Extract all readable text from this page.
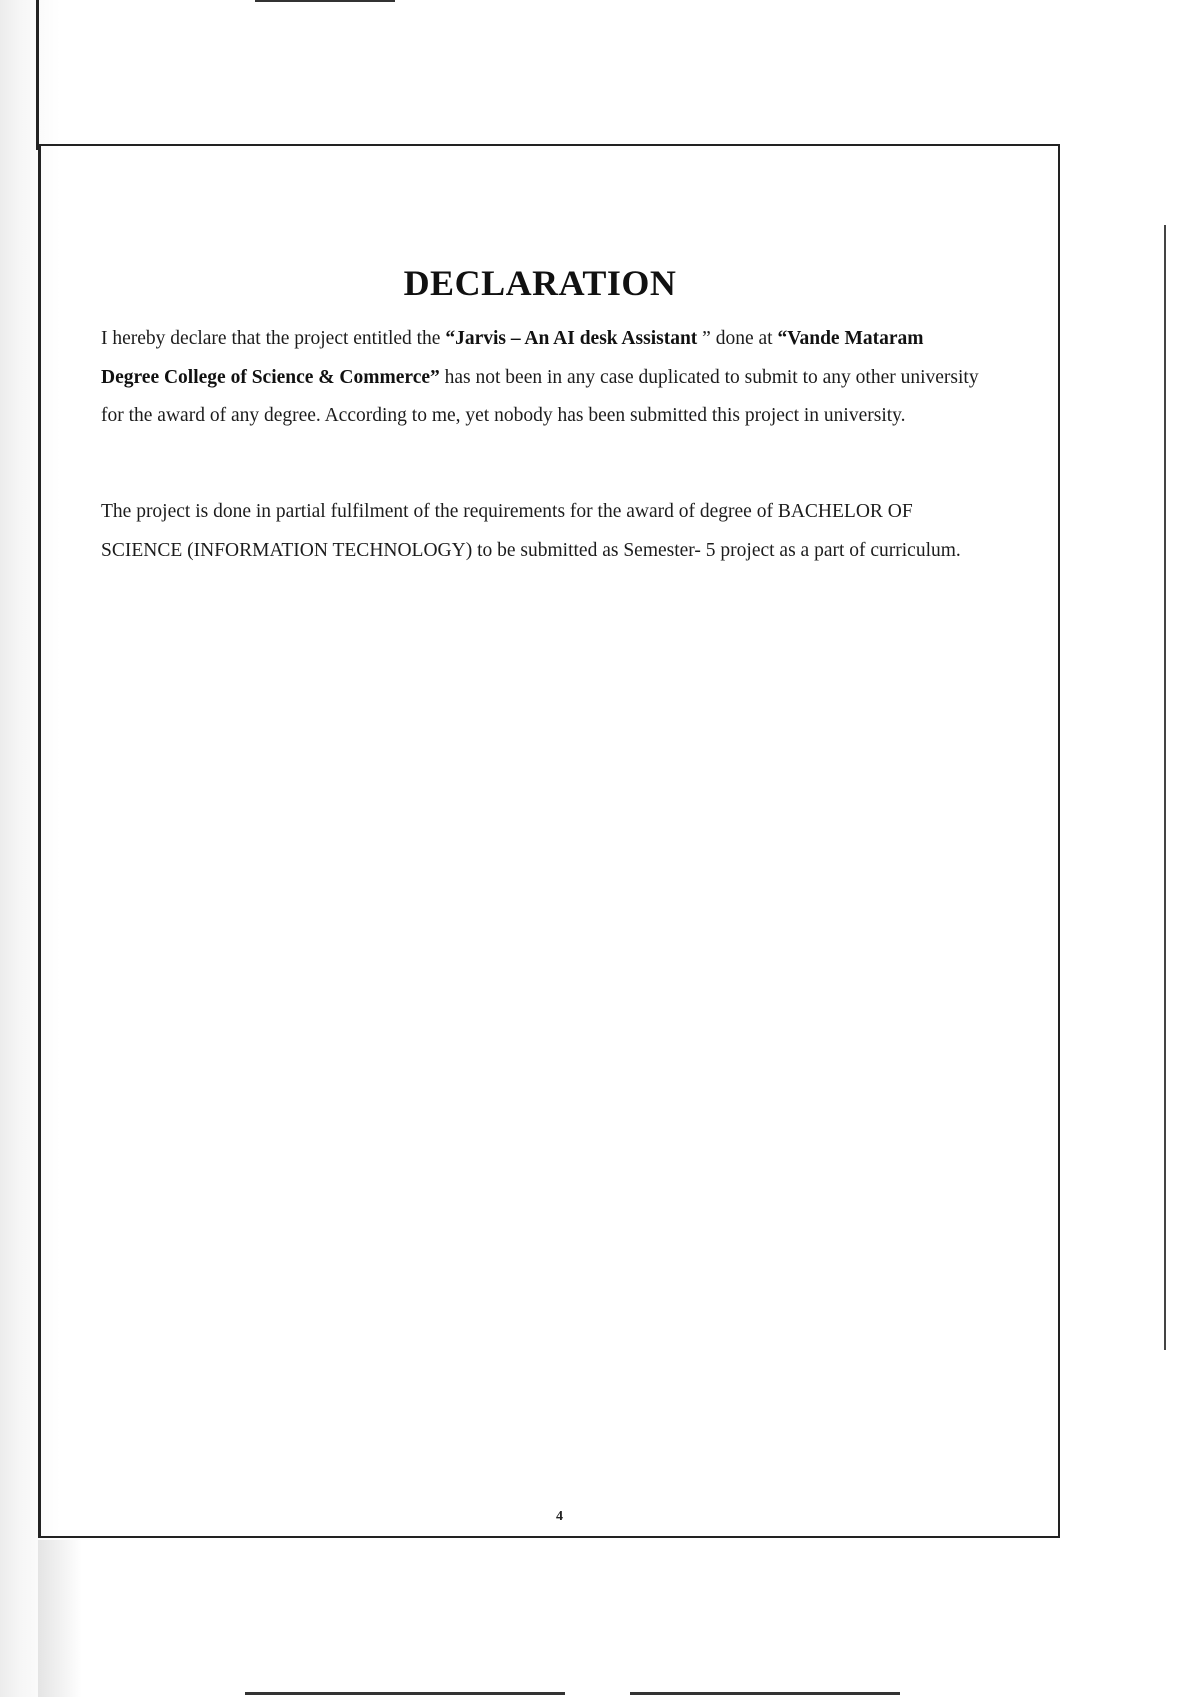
DECLARATION

I hereby declare that the project entitled the “Jarvis – An AI desk Assistant ” done at “Vande Mataram Degree College of Science & Commerce” has not been in any case duplicated to submit to any other university for the award of any degree. According to me, yet nobody has been submitted this project in university.

The project is done in partial fulfilment of the requirements for the award of degree of BACHELOR OF SCIENCE (INFORMATION TECHNOLOGY) to be submitted as Semester- 5 project as a part of curriculum.

4
